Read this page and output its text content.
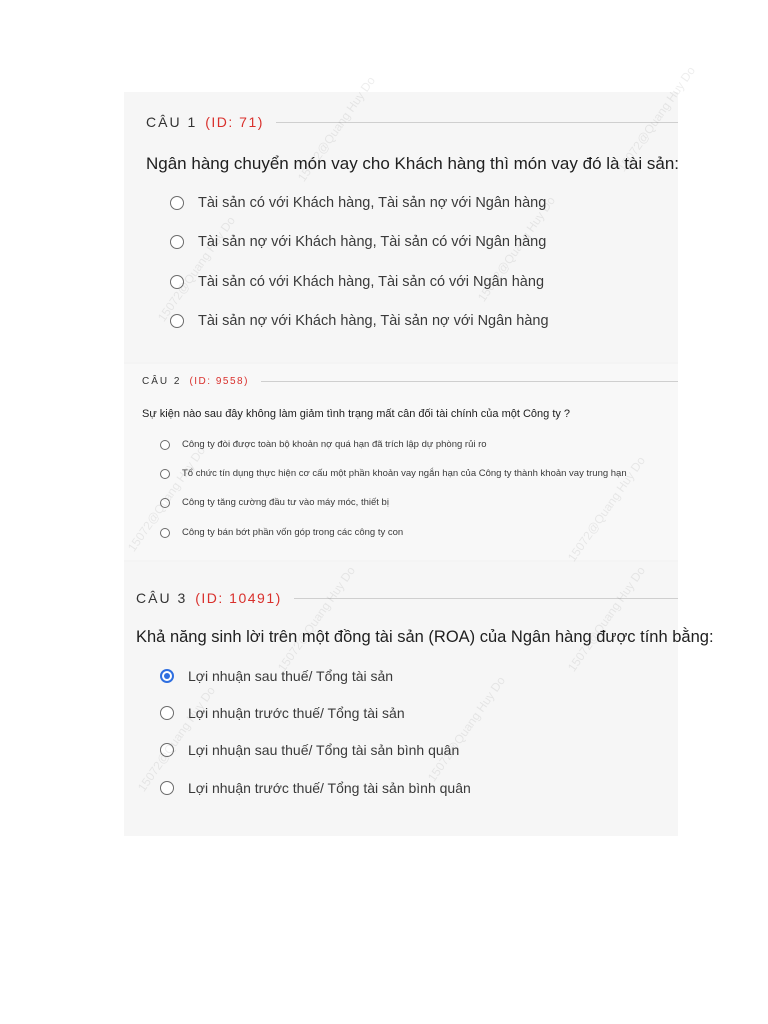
CÂU 1 (ID: 71)
Ngân hàng chuyển món vay cho Khách hàng thì món vay đó là tài sản:
Tài sản có với Khách hàng, Tài sản nợ với Ngân hàng
Tài sản nợ với Khách hàng, Tài sản có với Ngân hàng
Tài sản có với Khách hàng, Tài sản có với Ngân hàng
Tài sản nợ với Khách hàng, Tài sản nợ với Ngân hàng
CÂU 2 (ID: 9558)
Sự kiện nào sau đây không làm giảm tình trạng mất cân đối tài chính của một Công ty ?
Công ty đòi được toàn bộ khoản nợ quá hạn đã trích lập dự phòng rủi ro
Tổ chức tín dụng thực hiện cơ cấu một phần khoản vay ngắn hạn của Công ty thành khoản vay trung hạn
Công ty tăng cường đầu tư vào máy móc, thiết bị
Công ty bán bớt phần vốn góp trong các công ty con
CÂU 3 (ID: 10491)
Khả năng sinh lời trên một đồng tài sản (ROA) của Ngân hàng được tính bằng:
Lợi nhuận sau thuế/ Tổng tài sản
Lợi nhuận trước thuế/ Tổng tài sản
Lợi nhuận sau thuế/ Tổng tài sản bình quân
Lợi nhuận trước thuế/ Tổng tài sản bình quân
Do
